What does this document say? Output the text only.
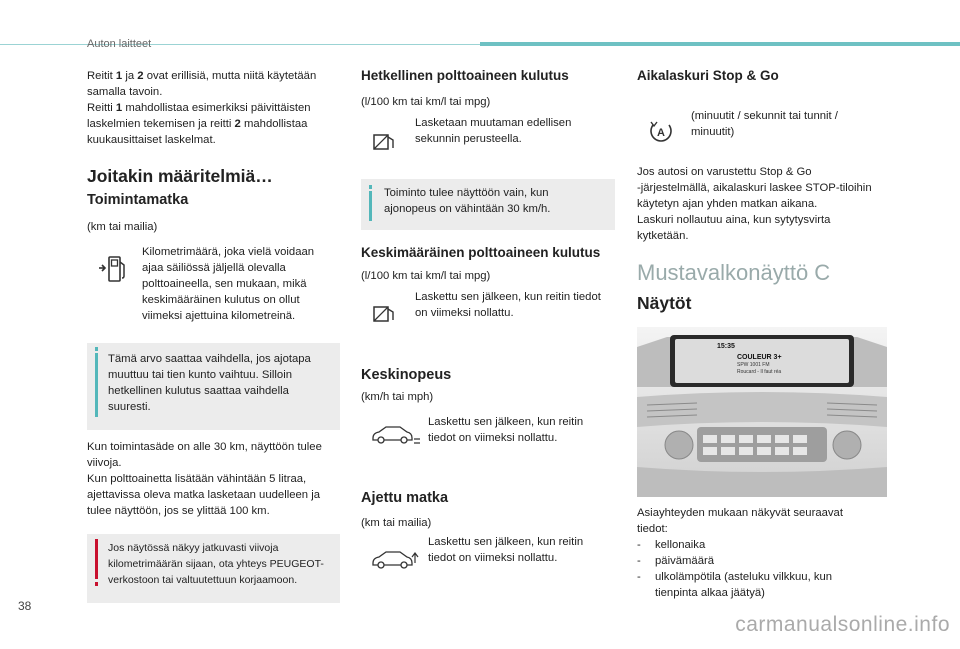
Auton laitteet

Reitit 1 ja 2 ovat erillisiä, mutta niitä käytetään

samalla tavoin.

Reitti 1 mahdollistaa esimerkiksi päivittäisten

laskelmien tekemisen ja reitti 2 mahdollistaa

kuukausittaiset laskelmat.

Joitakin määritelmiä…
Toimintamatka
(km tai mailia)

Kilometrimäärä, joka vielä voidaan

ajaa säiliössä jäljellä olevalla

polttoaineella, sen mukaan, mikä

keskimääräinen kulutus on ollut

viimeksi ajettuina kilometreinä.

Tämä arvo saattaa vaihdella, jos ajotapa

muuttuu tai tien kunto vaihtuu. Silloin

hetkellinen kulutus saattaa vaihdella

suuresti.

Kun toimintasäde on alle 30 km, näyttöön tulee

viivoja.

Kun polttoainetta lisätään vähintään 5 litraa,

ajettavissa oleva matka lasketaan uudelleen ja

tulee näyttöön, jos se ylittää 100 km.

Jos näytössä näkyy jatkuvasti viivoja

kilometrimäärän sijaan, ota yhteys PEUGEOT-

verkostoon tai valtuutettuun korjaamoon.

Hetkellinen polttoaineen kulutus
(l/100 km tai km/l tai mpg)

Lasketaan muutaman edellisen

sekunnin perusteella.

Toiminto tulee näyttöön vain, kun

ajonopeus on vähintään 30 km/h.

Keskimääräinen polttoaineen kulutus
(l/100 km tai km/l tai mpg)

Laskettu sen jälkeen, kun reitin tiedot

on viimeksi nollattu.

Keskinopeus
(km/h tai mph)

Laskettu sen jälkeen, kun reitin

tiedot on viimeksi nollattu.

Ajettu matka
(km tai mailia)

Laskettu sen jälkeen, kun reitin

tiedot on viimeksi nollattu.

Aikalaskuri Stop & Go
A

(minuutit / sekunnit tai tunnit /

minuutit)

Jos autosi on varustettu Stop & Go

-järjestelmällä, aikalaskuri laskee STOP-tiloihin

käytetyn ajan yhden matkan aikana.

Laskuri nollautuu aina, kun sytytysvirta

kytketään.

Mustavalkonäyttö C
Näytöt
15:35
COULEUR 3+
SPW 1001 FM
Roucard - Il faut réa

Asiayhteyden mukaan näkyvät seuraavat

tiedot:

- kellonaika
- päivämäärä
- ulkolämpötila (asteluku vilkkuu, kun
tienpinta alkaa jäätyä)
38
carmanualsonline.info
